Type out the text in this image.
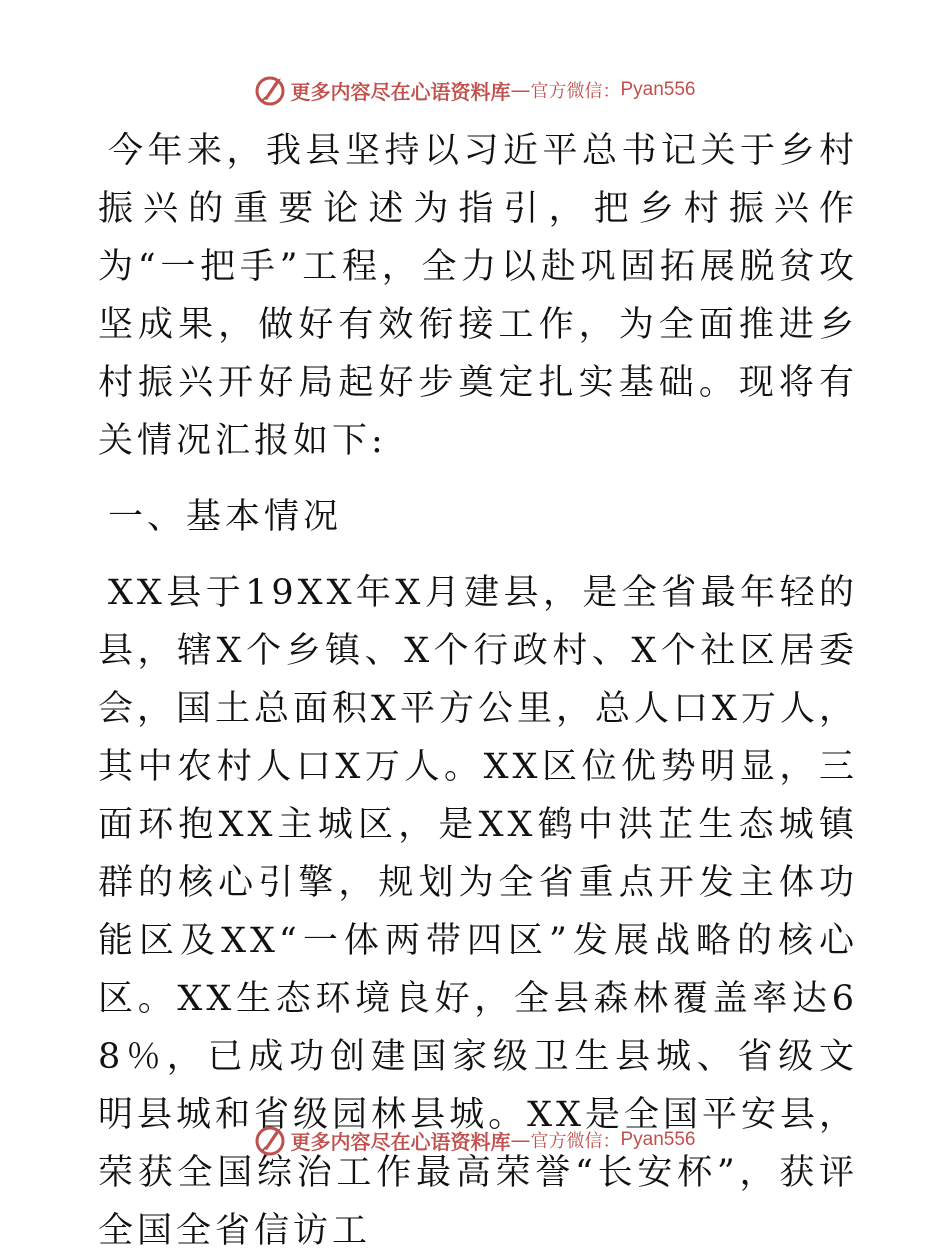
更多内容尽在心语资料库 — 官方微信： Pyan556

今年来，我县坚持以习近平总书记关于乡村振兴的重要论述为指引，把乡村振兴作为“一把手”工程，全力以赴巩固拓展脱贫攻坚成果，做好有效衔接工作，为全面推进乡村振兴开好局起好步奠定扎实基础。现将有关情况汇报如下:

一、基本情况

XX县于19XX年X月建县，是全省最年轻的县，辖X个乡镇、X个行政村、X个社区居委会，国土总面积X平方公里，总人口X万人，其中农村人口X万人。XX区位优势明显，三面环抱XX主城区，是XX鹤中洪芷生态城镇群的核心引擎，规划为全省重点开发主体功能区及XX“一体两带四区”发展战略的核心区。XX生态环境良好，全县森林覆盖率达68％，已成功创建国家级卫生县城、省级文明县城和省级园林县城。XX是全国平安县，荣获全国综治工作最高荣誉“长安杯”，获评全国全省信访工

更多内容尽在心语资料库 — 官方微信： Pyan556
